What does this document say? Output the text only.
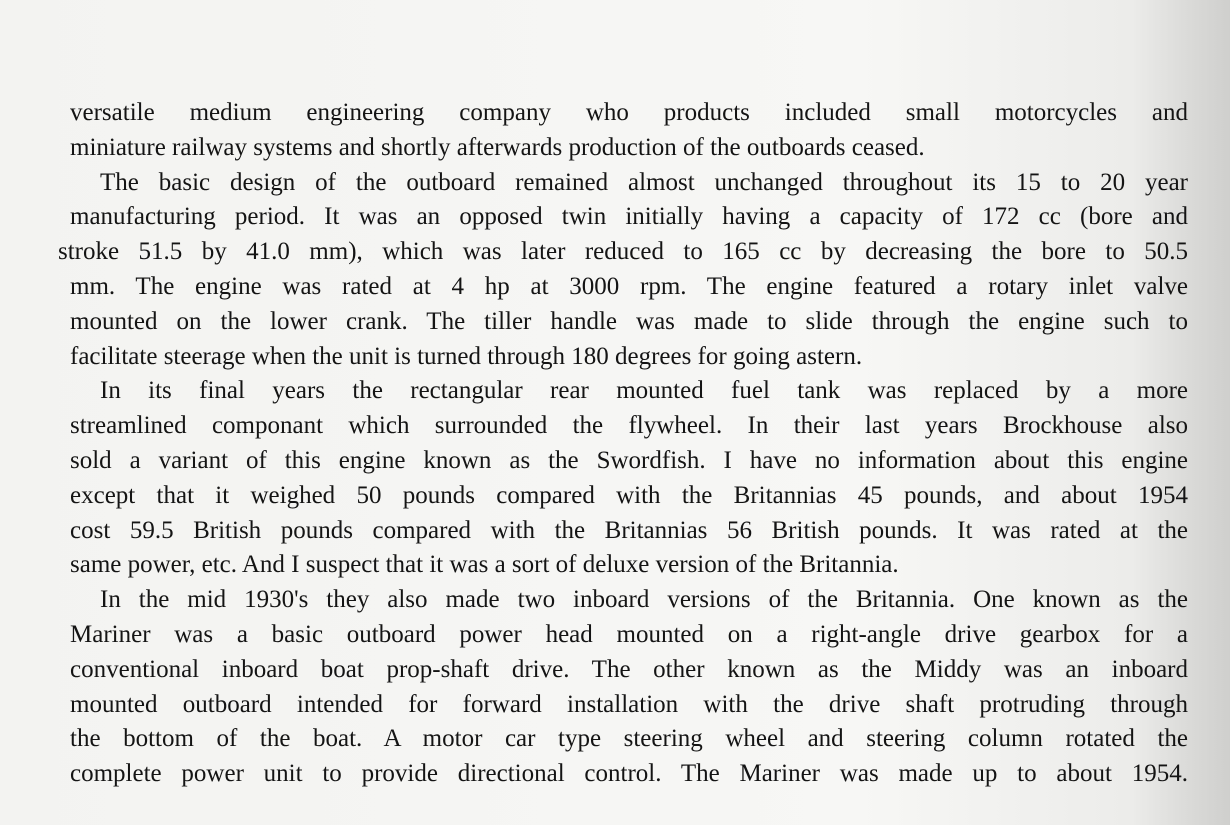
versatile medium engineering company who products included small motorcycles and
miniature railway systems and shortly afterwards production of the outboards ceased.
The basic design of the outboard remained almost unchanged throughout its 15 to 20 year
manufacturing period. It was an opposed twin initially having a capacity of 172 cc (bore and
stroke 51.5 by 41.0 mm), which was later reduced to 165 cc by decreasing the bore to 50.5
mm. The engine was rated at 4 hp at 3000 rpm. The engine featured a rotary inlet valve
mounted on the lower crank. The tiller handle was made to slide through the engine such to
facilitate steerage when the unit is turned through 180 degrees for going astern.
In its final years the rectangular rear mounted fuel tank was replaced by a more
streamlined componant which surrounded the flywheel. In their last years Brockhouse also
sold a variant of this engine known as the Swordfish. I have no information about this engine
except that it weighed 50 pounds compared with the Britannias 45 pounds, and about 1954
cost 59.5 British pounds compared with the Britannias 56 British pounds. It was rated at the
same power, etc. And I suspect that it was a sort of deluxe version of the Britannia.
In the mid 1930's they also made two inboard versions of the Britannia. One known as the
Mariner was a basic outboard power head mounted on a right-angle drive gearbox for a
conventional inboard boat prop-shaft drive. The other known as the Middy was an inboard
mounted outboard intended for forward installation with the drive shaft protruding through
the bottom of the boat. A motor car type steering wheel and steering column rotated the
complete power unit to provide directional control. The Mariner was made up to about 1954.
